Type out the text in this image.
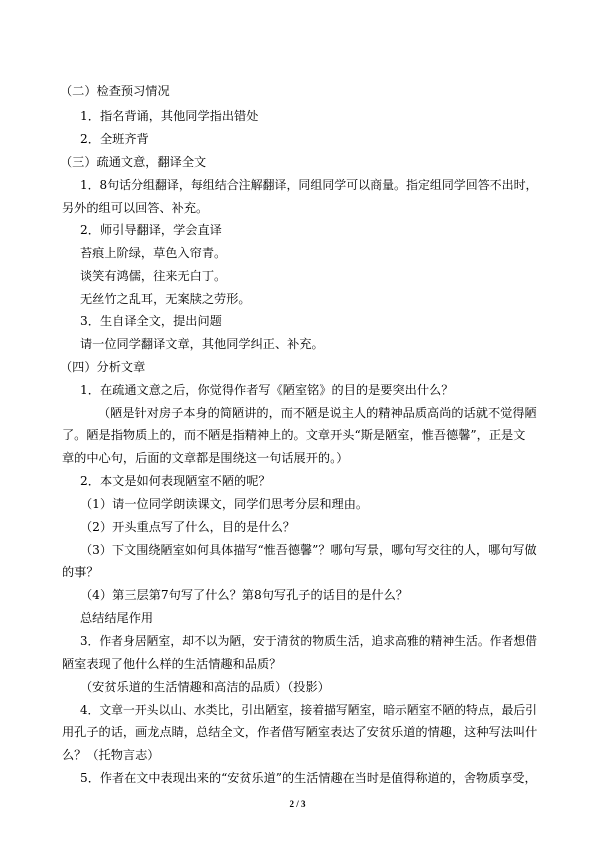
（二）检查预习情况
1．指名背诵，其他同学指出错处
2．全班齐背
（三）疏通文意，翻译全文
1．8句话分组翻译，每组结合注解翻译，同组同学可以商量。指定组同学回答不出时，
另外的组可以回答、补充。
2．师引导翻译，学会直译
苔痕上阶绿，草色入帘青。
谈笑有鸿儒，往来无白丁。
无丝竹之乱耳，无案牍之劳形。
3．生自译全文，提出问题
请一位同学翻译文章，其他同学纠正、补充。
（四）分析文章
1．在疏通文意之后，你觉得作者写《陋室铭》的目的是要突出什么？
（陋是针对房子本身的简陋讲的，而不陋是说主人的精神品质高尚的话就不觉得陋
了。陋是指物质上的，而不陋是指精神上的。文章开头“斯是陋室，惟吾德馨”，正是文
章的中心句，后面的文章都是围绕这一句话展开的。）
2．本文是如何表现陋室不陋的呢？
（1）请一位同学朗读课文，同学们思考分层和理由。
（2）开头重点写了什么，目的是什么？
（3）下文围绕陋室如何具体描写“惟吾德馨”？哪句写景，哪句写交往的人，哪句写做
的事？
（4）第三层第7句写了什么？第8句写孔子的话目的是什么？
总结结尾作用
3．作者身居陋室，却不以为陋，安于清贫的物质生活，追求高雅的精神生活。作者想借
陋室表现了他什么样的生活情趣和品质？
（安贫乐道的生活情趣和高洁的品质）（投影）
4．文章一开头以山、水类比，引出陋室，接着描写陋室，暗示陋室不陋的特点，最后引
用孔子的话，画龙点睛，总结全文，作者借写陋室表达了安贫乐道的情趣，这种写法叫什
么？（托物言志）
5．作者在文中表现出来的“安贫乐道”的生活情趣在当时是值得称道的，舍物质享受，
2 / 3
